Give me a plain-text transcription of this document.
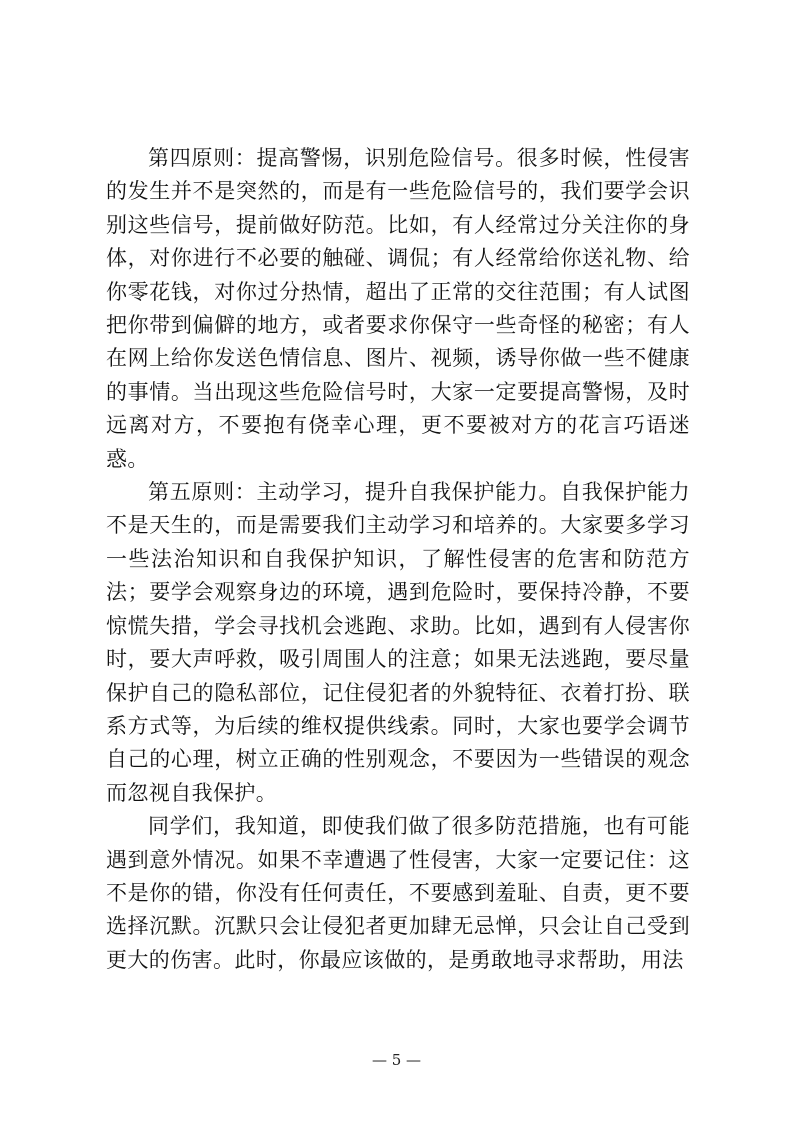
第四原则：提高警惕，识别危险信号。很多时候，性侵害的发生并不是突然的，而是有一些危险信号的，我们要学会识别这些信号，提前做好防范。比如，有人经常过分关注你的身体，对你进行不必要的触碰、调侃；有人经常给你送礼物、给你零花钱，对你过分热情，超出了正常的交往范围；有人试图把你带到偏僻的地方，或者要求你保守一些奇怪的秘密；有人在网上给你发送色情信息、图片、视频，诱导你做一些不健康的事情。当出现这些危险信号时，大家一定要提高警惕，及时远离对方，不要抱有侥幸心理，更不要被对方的花言巧语迷惑。

第五原则：主动学习，提升自我保护能力。自我保护能力不是天生的，而是需要我们主动学习和培养的。大家要多学习一些法治知识和自我保护知识，了解性侵害的危害和防范方法；要学会观察身边的环境，遇到危险时，要保持冷静，不要惊慌失措，学会寻找机会逃跑、求助。比如，遇到有人侵害你时，要大声呼救，吸引周围人的注意；如果无法逃跑，要尽量保护自己的隐私部位，记住侵犯者的外貌特征、衣着打扮、联系方式等，为后续的维权提供线索。同时，大家也要学会调节自己的心理，树立正确的性别观念，不要因为一些错误的观念而忽视自我保护。

同学们，我知道，即使我们做了很多防范措施，也有可能遇到意外情况。如果不幸遭遇了性侵害，大家一定要记住：这不是你的错，你没有任何责任，不要感到羞耻、自责，更不要选择沉默。沉默只会让侵犯者更加肆无忌惮，只会让自己受到更大的伤害。此时，你最应该做的，是勇敢地寻求帮助，用法

— 5 —
